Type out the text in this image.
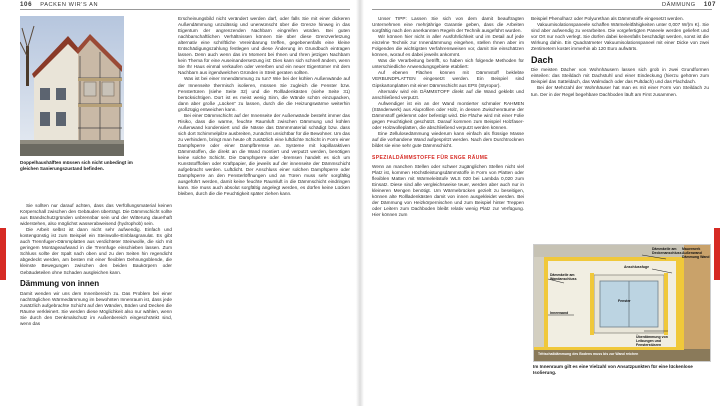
106 PACKEN WIR'S AN
Doppelhaushälften müssen sich nicht unbedingt im gleichen Sanierungszustand befinden.

Sie sollten nur darauf achten, dass das Verfüllungsmaterial keinen Körperschall zwischen den Gebäuden überträgt. Die Dämmschicht sollte aus Brandschutzgründen unbrennbar sein und der Witterung dauerhaft widerstehen, also möglichst wasserabweisend (hydrophob) sein.

Die Arbeit selbst ist dann nicht sehr aufwendig. Einfach und kostengünstig ist zum Beispiel ein Steinwolle-Einblasgranulat. Es gibt auch Trennfugen-Dämmplatten aus verdichteter Steinwolle, die sich mit geringem Montageaufwand in die Trennfuge einschieben lassen. Zum Schluss sollte der Spalt nach oben und zu den Seiten hin regendicht abgedeckt werden, am besten mit einer flexiblen Dehnungsblende, die kleinste Bewegungen zwischen den beiden Baukörpern oder Gebäudeteilen ohne Schaden ausgleichen kann.

Dämmung von innen

Damit wenden wir uns dem Innenbereich zu. Das Problem bei einer nachträglichen Wärmedämmung im bewohnten Innenraum ist, dass jede zusätzlich aufgebrachte Schicht auf den Wänden, Böden und Decken die Räume verkleinert. Sie werden diese Möglichkeit also nur wählen, wenn Sie durch den Denkmalschutz im Außenbereich eingeschränkt sind, wenn das

Erscheinungsbild nicht verändert werden darf, oder falls Sie mit einer dickeren Außendämmung unzulässig und unerwünscht über die Grenze hinweg in das Eigentum der angrenzenden Nachbarn eingreifen würden. Bei guten nachbarschaftlichen Verhältnissen können Sie über diese Grenzverletzung alternativ eine schriftliche Vereinbarung treffen, gegebenenfalls eine kleine Entschädigungszahlung festlegen und diese Änderung im Grundbuch eintragen lassen. Denn auch wenn das im Moment bei Ihnen und Ihren jetzigen Nachbarn kein Thema für eine Auseinandersetzung ist: Dies kann sich schnell ändern, wenn Sie Ihr Haus einmal verkaufen oder vererben und ein neuer Eigentümer mit dem Nachbarn aus irgendwelchen Gründen in Streit geraten sollten.

Was ist bei einer Innendämmung zu tun? Wie bei der kühlen Außenwände auf der Innenseite thermisch isolieren, müssen Sie zugleich die Fenster bzw. Fenstertüren (siehe Seite 32) und die Rollladenkästen (siehe Seite 31) berücksichtigen. Dort ist es meist wenig Sinn, die Wände schön einzupacken, dann aber große „Lücken“ zu lassen, durch die die Heizungswärme weiterhin großzügig entweichen kann.

Bei einer Dämmschicht auf der Innenseite der Außenwände besteht immer das Risiko, dass die warme, feuchte Raumluft zwischen Dämmung und kühlen Außenwand kondensiert und die Nässe das Dämmmaterial schädigt bzw. dass sich dort Schimmelpilze ausbreiten, zunächst unsichtbar für die Bewohner. Um das zu verhindern, bringt man heute oft zusätzlich eine luftdichte Schicht in Form einer Dampfsperre oder einer Dampfbremse an. Systeme mit kapillaraktiven Dämmstoffen, die direkt an die Wand montiert und verputzt werden, benötigen keine solche Schicht. Die Dampfsperre oder -bremsen handelt es sich um Kunststofffolien oder Kraftpapier, die jeweils auf der innenseite der Dämmschicht aufgebracht werden. Luftdicht. Der Anschluss einer solchen Dampfsperre oder Dampfsperre an den Fensterlöffnungen und an Türen muss sehr sorgfältig ausgeführt werden, damit keine feuchte Raumluft in die Dämmschicht eindringen kann. Sie muss auch absolut sorgfältig angelegt werden, es dürfen keine Lücken bleiben, durch die die Feuchtigkeit später ziehen kann.

DÄMMUNG 107

Unser TIPP: Lassen Sie sich von dem damit beauftragten Unternehmen eine mehrjährige Garantie geben, dass die Arbeiten sorgfältig nach den anerkannten Regeln der Technik ausgeführt wurden.

Wir können hier nicht in aller Ausführlichkeit und im Detail auf jede einzelne Technik zur Innendämmung eingehen, stellen Ihnen aber im Folgenden die wichtigsten Verfahrensweisen vor, damit Sie einschätzen können, worauf es dabei jeweils ankommt.

Was die Verarbeitung betrifft, so haben sich folgende Methoden für unterschiedliche Anwendungsgebiete etabliert:

Auf ebenen Flächen können mit Dämmstoff beklebte VERBUNDPLATTEN eingesetzt werden. Ein Beispiel sind Gipskartonplatten mit einer Dämmschicht aus EPS (Styropor).

Alternativ wird ein DÄMMSTOFF direkt auf die Wand geklebt und anschließend verputzt.

Aufwendiger ist ein an der Wand montierter schmaler RAHMEN (Ständerwerk) aus Aluprofilen oder Holz, in dessen Zwischenräume der Dämmstoff geklemmt oder befestigt wird. Die Fläche wird mit einer Folie gegen Feuchtigkeit geschützt. Darauf kommen zum Beispiel Holzfaser- oder Holzwolleplatten, die abschließend verputzt werden können.

Eine Zellulosedämmung wiederum kann einfach als flüssige Masse auf die vorhandene Wand aufgespritzt werden. Nach dem Durchtrocknen bildet sie eine sehr gute Dämmschicht.

SPEZIALDÄMMSTOFFE FÜR ENGE RÄUME

Wenn an manchen Stellen oder schwer zugänglichen Stellen nicht viel Platz ist, kommen Höchstleistungsdämmstoffe in Form von Platten oder flexiblen Matten mit Wärmeleitstufe WLS 020 bei Lambda 0,020 zum Einsatz. Diese sind alle vergleichsweise teuer, werden aber auch nur in kleineren Mengen benötigt. Um Wärmebrücken gezielt zu beseitigen, können alte Rollladenkästen damit von innen ausgekleidet werden. Bei der Dämmung von Heizkörpernischen und zum Beispiel hinter Treppen oder Leitern zum Dachboden bleibt relativ wenig Platz zur Verfügung. Hier können zum

Beispiel Phenolharz oder Polyurethan als Dämmstoffe eingesetzt werden.

Vakuumisolationspaneele schaffen Wärmeleitfähigkeiten unter 0,007 W/(m K). Sie sind aber aufwendig zu verarbeiten. Die vorgefertigten Paneele werden geliefert und vor Ort nur noch verlegt. Sie dürfen dabei keinesfalls beschädigt werden, sonst ist die Wirkung dahin. Ein Quadratmeter Vakuumisolationspaneel mit einer Dicke von zwei Zentimetern kostet immerhin ab 120 Euro aufwärts.

Dach

Die meisten Dächer von Wohnhäusern lassen sich grob in zwei Grundformen einteilen: das Steildach mit Dachstuhl und einer Eindeckung (hierzu gehören zum Beispiel das Satteldach, das Walmdach oder das Pultdach) und das Flachdach.

Bei der Mehrzahl der Wohnhäuser hat man es mit einer Form von Steildach zu tun. Der in der Regel begehbare Dachboden läuft am First zusammen.

Dämmkeile am Deckenanschluss
Mauerwerk Außenwand Dämmung Wand
Anschlussfuge
Dämmkeile am Wandanschluss
Fenster
Innenwand
Überdämmung von Leibungen und Fensterstürzen
Trittschalldämmung des Bodens muss bis zur Wand reichen
Im Innenraum gilt es eine Vielzahl von Ansatzpunkten für eine lückenlose Isolierung.
